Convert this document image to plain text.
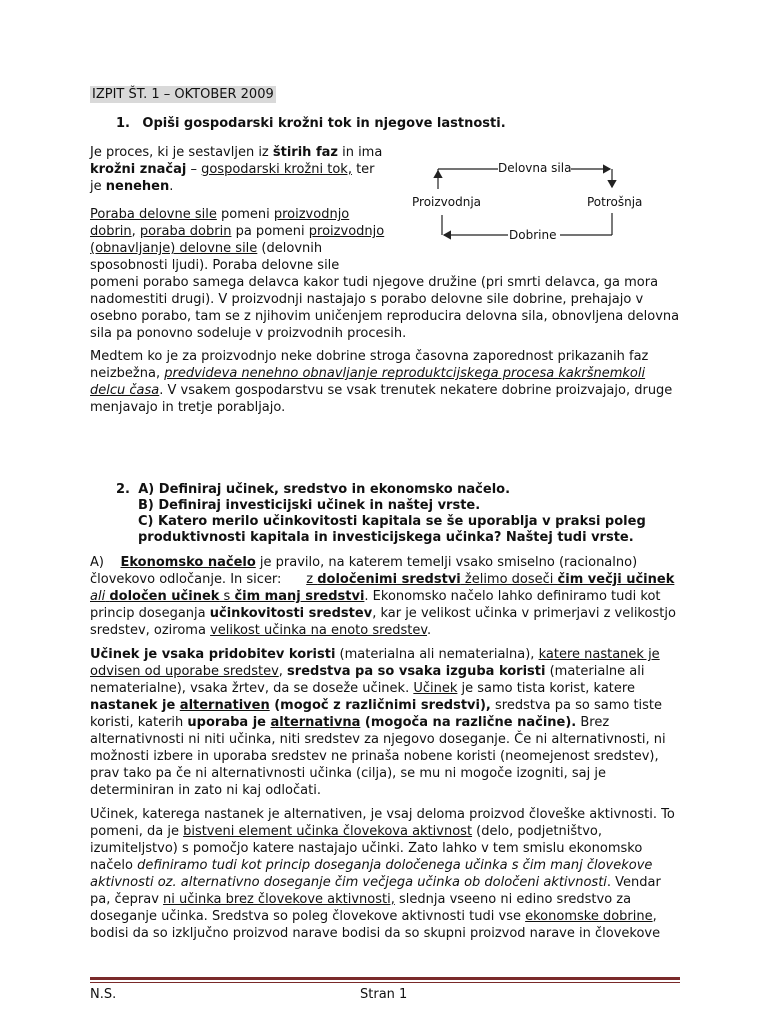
IZPIT ŠT. 1 – OKTOBER 2009
1. Opiši gospodarski krožni tok in njegove lastnosti.
Je proces, ki je sestavljen iz štirih faz in ima
krožni značaj – gospodarski krožni tok, ter
je nenehen.
Delovna sila
Proizvodnja	Potrošnja
Dobrine
Poraba delovne sile pomeni proizvodnjo
dobrin, poraba dobrin pa pomeni proizvodnjo
(obnavljanje) delovne sile (delovnih
sposobnosti ljudi). Poraba delovne sile
pomeni porabo samega delavca kakor tudi njegove družine (pri smrti delavca, ga mora
nadomestiti drugi). V proizvodnji nastajajo s porabo delovne sile dobrine, prehajajo v
osebno porabo, tam se z njihovim uničenjem reproducira delovna sila, obnovljena delovna
sila pa ponovno sodeluje v proizvodnih procesih.
Medtem ko je za proizvodnjo neke dobrine stroga časovna zaporednost prikazanih faz
neizbežna, predvideva nenehno obnavljanje reproduktcijskega procesa kakršnemkoli
delcu časa. V vsakem gospodarstvu se vsak trenutek nekatere dobrine proizvajajo, druge
menjavajo in tretje porabljajo.
2. A) Definiraj učinek, sredstvo in ekonomsko načelo.
B) Definiraj investicijski učinek in naštej vrste.
C) Katero merilo učinkovitosti kapitala se še uporablja v praksi poleg
produktivnosti kapitala in investicijskega učinka? Naštej tudi vrste.
A) Ekonomsko načelo je pravilo, na katerem temelji vsako smiselno (racionalno)
človekovo odločanje. In sicer: z določenimi sredstvi želimo doseči čim večji učinek
ali določen učinek s čim manj sredstvi. Ekonomsko načelo lahko definiramo tudi kot
princip doseganja učinkovitosti sredstev, kar je velikost učinka v primerjavi z velikostjo
sredstev, oziroma velikost učinka na enoto sredstev.
Učinek je vsaka pridobitev koristi (materialna ali nematerialna), katere nastanek je
odvisen od uporabe sredstev, sredstva pa so vsaka izguba koristi (materialne ali
nematerialne), vsaka žrtev, da se doseže učinek. Učinek je samo tista korist, katere
nastanek je alternativen (mogoč z različnimi sredstvi), sredstva pa so samo tiste
koristi, katerih uporaba je alternativna (mogoča na različne načine). Brez
alternativnosti ni niti učinka, niti sredstev za njegovo doseganje. Če ni alternativnosti, ni
možnosti izbere in uporaba sredstev ne prinaša nobene koristi (neomejenost sredstev),
prav tako pa če ni alternativnosti učinka (cilja), se mu ni mogoče izogniti, saj je
determiniran in zato ni kaj odločati.
Učinek, katerega nastanek je alternativen, je vsaj deloma proizvod človeške aktivnosti. To
pomeni, da je bistveni element učinka človekova aktivnost (delo, podjetništvo,
izumiteljstvo) s pomočjo katere nastajajo učinki. Zato lahko v tem smislu ekonomsko
načelo definiramo tudi kot princip doseganja določenega učinka s čim manj človekove
aktivnosti oz. alternativno doseganje čim večjega učinka ob določeni aktivnosti. Vendar
pa, čeprav ni učinka brez človekove aktivnosti, slednja vseeno ni edino sredstvo za
doseganje učinka. Sredstva so poleg človekove aktivnosti tudi vse ekonomske dobrine,
bodisi da so izključno proizvod narave bodisi da so skupni proizvod narave in človekove
N.S.	Stran 1
